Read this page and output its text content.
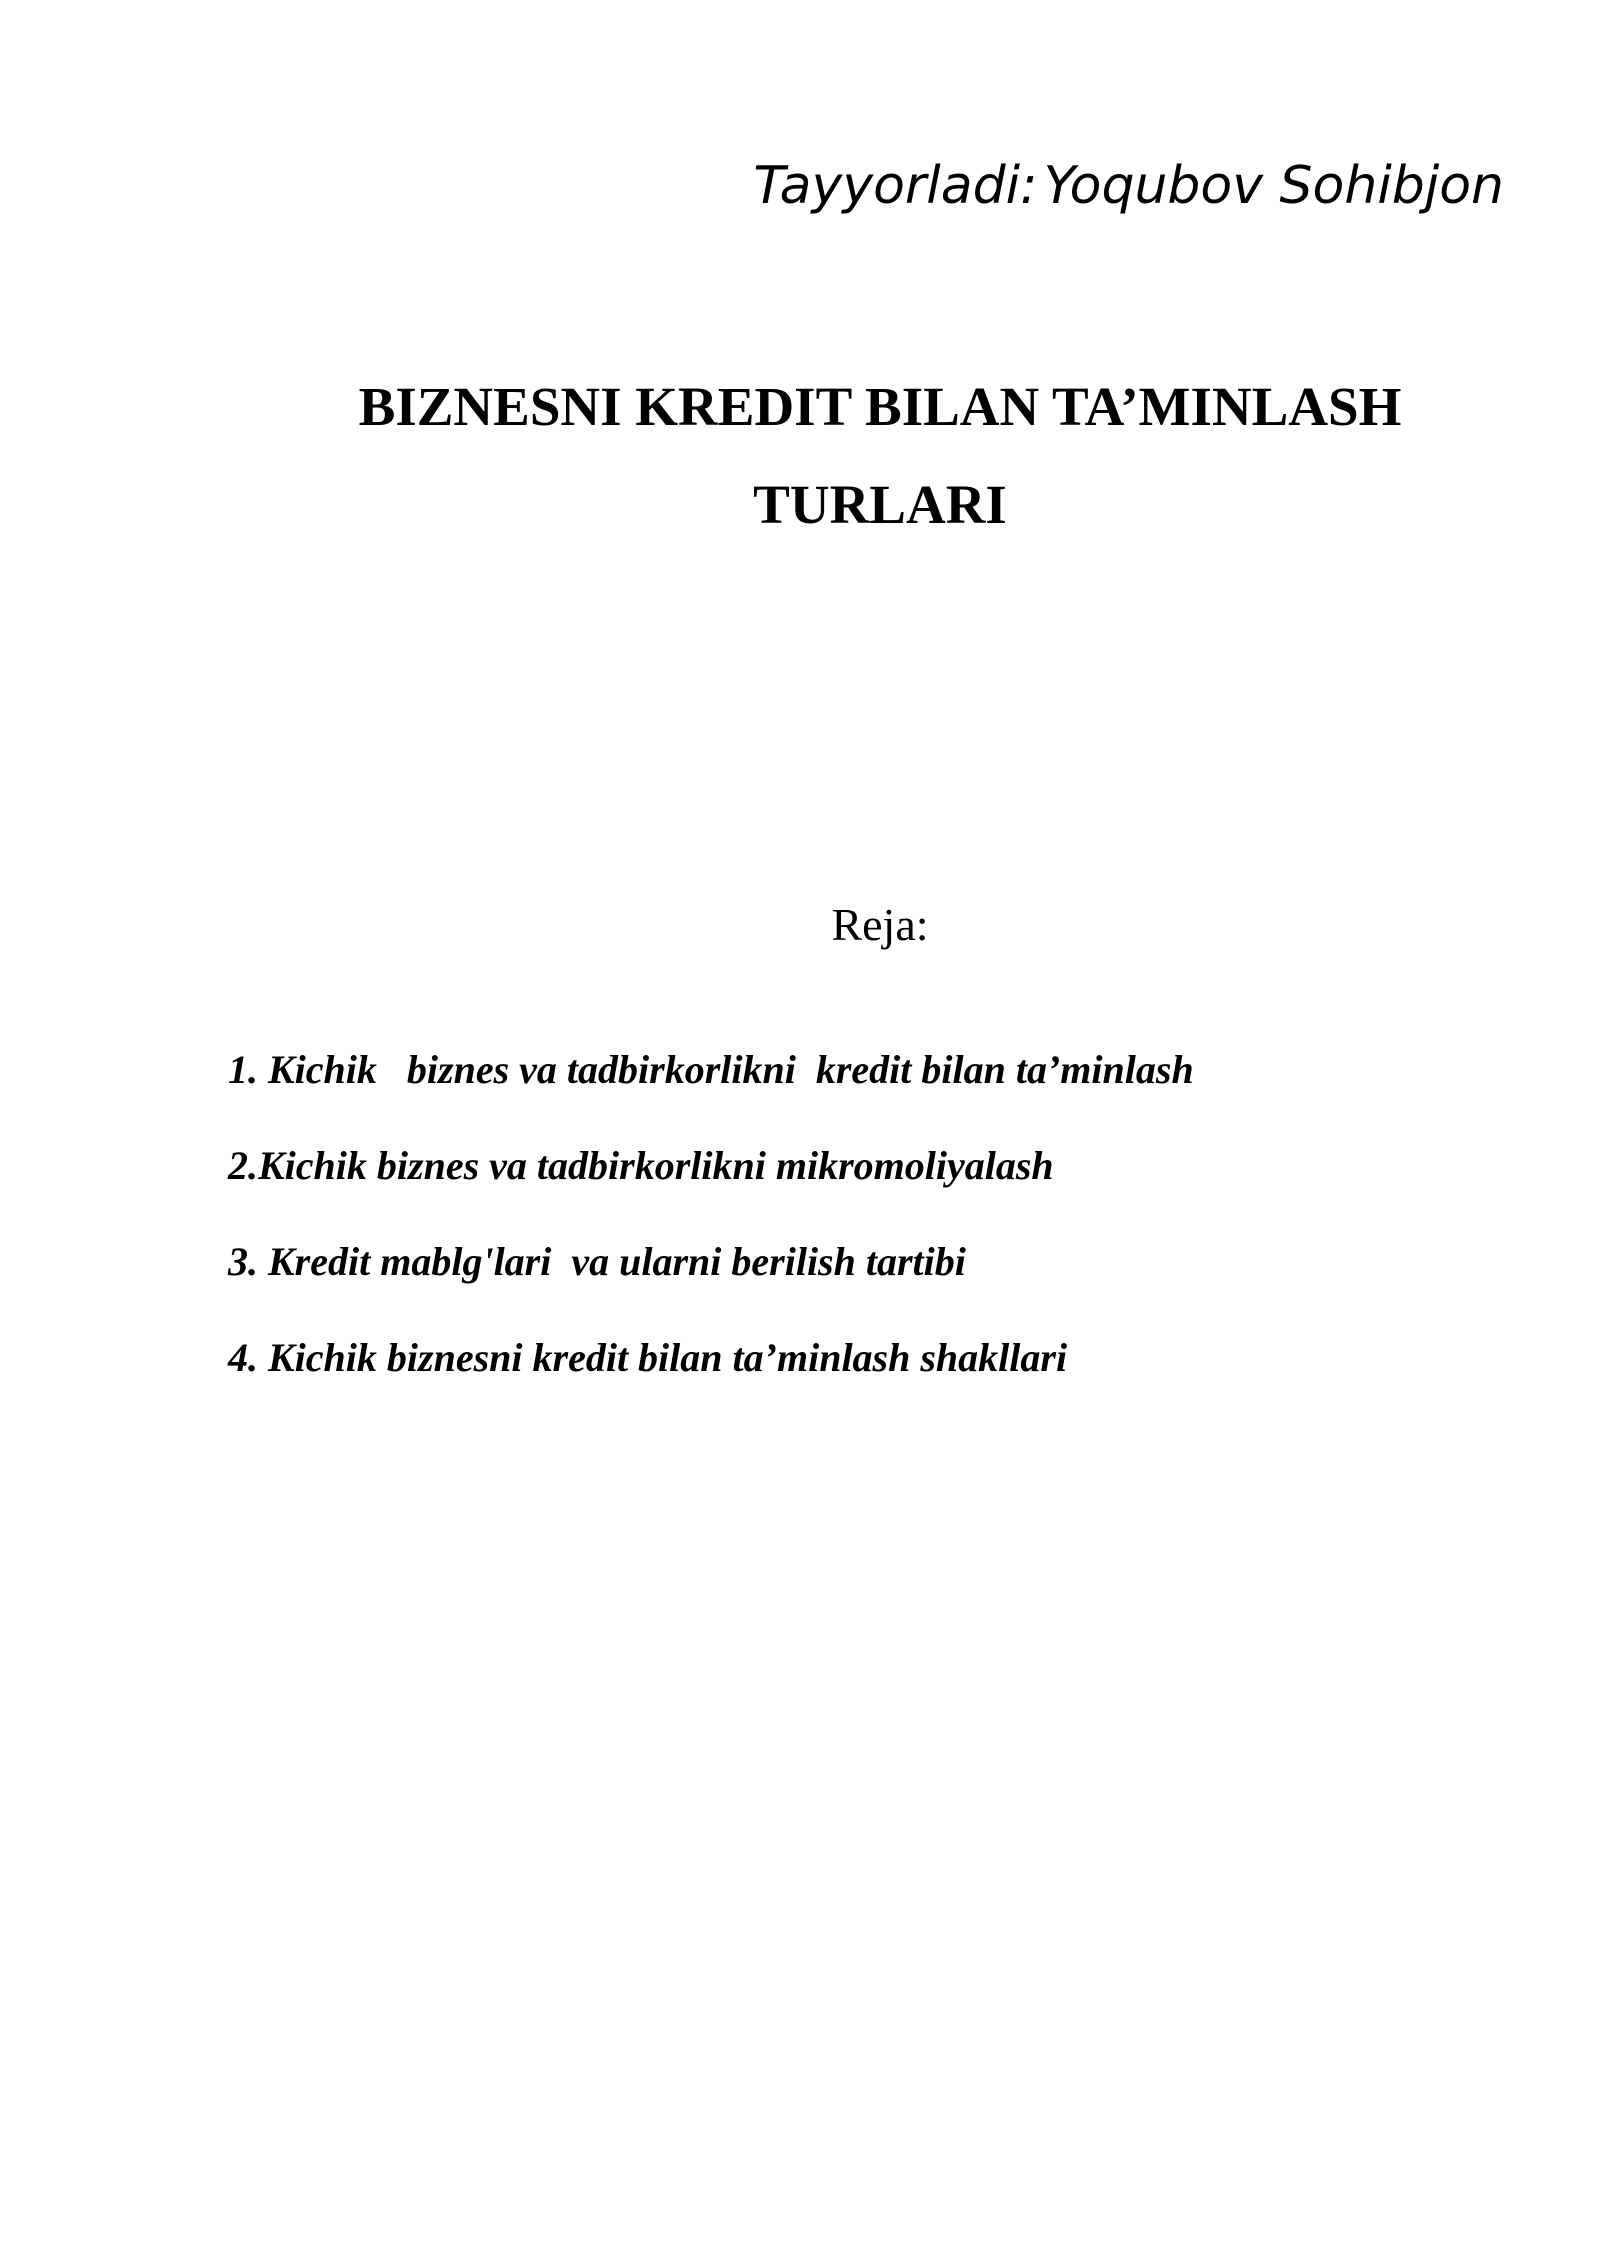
Tayyorladi: Yoqubov Sohibjon
BIZNESNI KREDIT BILAN TA’MINLASH
TURLARI
Reja:
1. Kichik   biznes va tadbirkorlikni  kredit bilan ta’minlash
2.Kichik biznes va tadbirkorlikni mikromoliyalash
3. Kredit mablg'lari  va ularni berilish tartibi
4. Kichik biznesni kredit bilan ta’minlash shakllari
